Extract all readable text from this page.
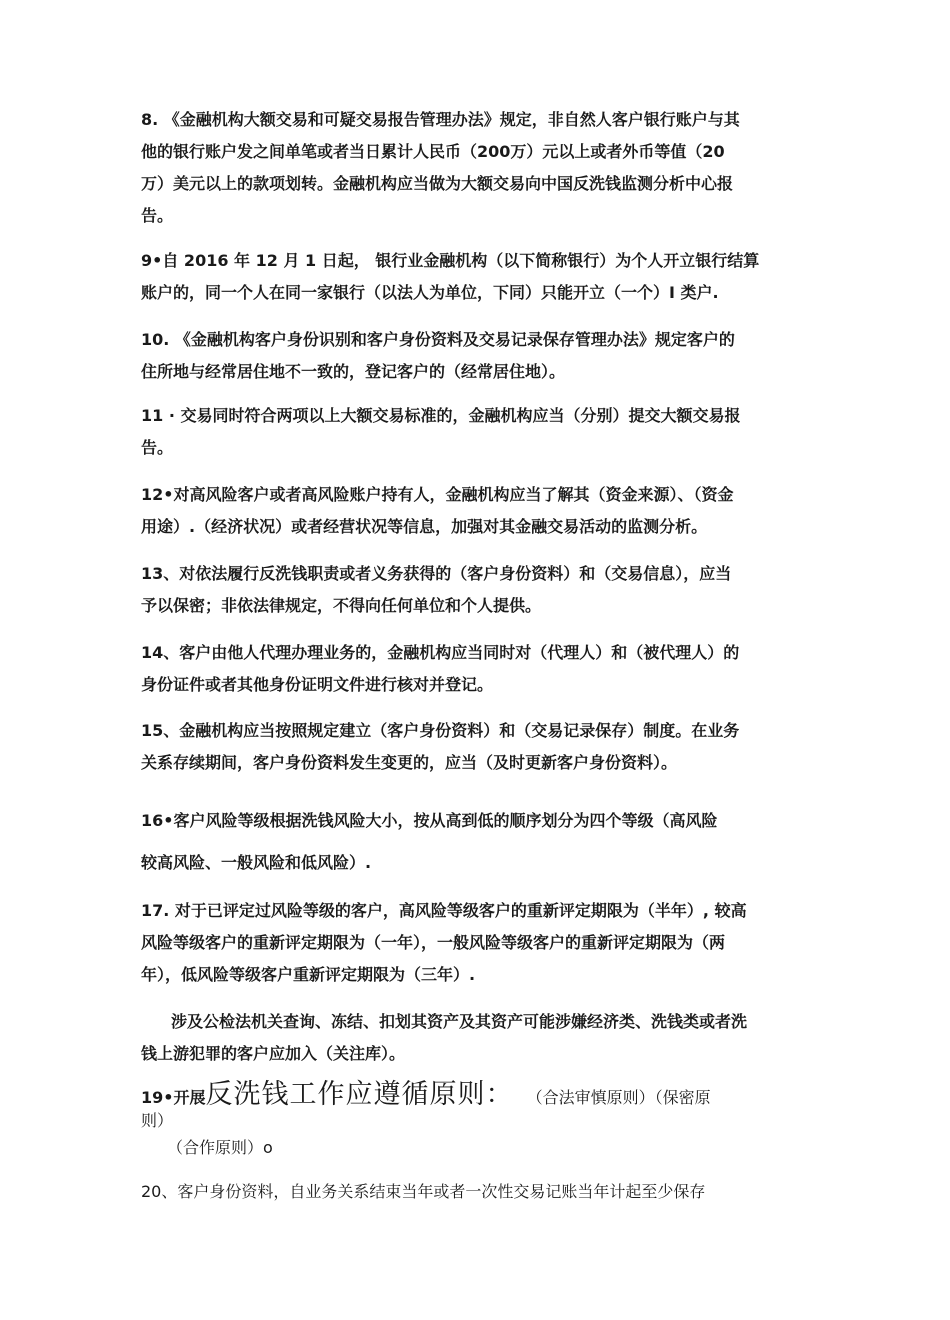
8. 《金融机构大额交易和可疑交易报告管理办法》规定，非自然人客户银行账户与其
他的银行账户发之间单笔或者当日累计人民币（200万）元以上或者外币等值（20
万）美元以上的款项划转。金融机构应当做为大额交易向中国反洗钱监测分析中心报
告。
9•自 2016 年 12 月 1 日起， 银行业金融机构（以下简称银行）为个人开立银行结算
账户的，同一个人在同一家银行（以法人为单位，下同）只能开立（一个）I 类户.
10. 《金融机构客户身份识别和客户身份资料及交易记录保存管理办法》规定客户的
住所地与经常居住地不一致的，登记客户的（经常居住地）。
11 · 交易同时符合两项以上大额交易标准的，金融机构应当（分别）提交大额交易报
告。
12•对高风险客户或者高风险账户持有人，金融机构应当了解其（资金来源）、（资金
用途）.（经济状况）或者经营状况等信息，加强对其金融交易活动的监测分析。
13、对依法履行反洗钱职责或者义务获得的（客户身份资料）和（交易信息），应当
予以保密；非依法律规定，不得向任何单位和个人提供。
14、客户由他人代理办理业务的，金融机构应当同时对（代理人）和（被代理人）的
身份证件或者其他身份证明文件进行核对并登记。
15、金融机构应当按照规定建立（客户身份资料）和（交易记录保存）制度。在业务
关系存续期间，客户身份资料发生变更的，应当（及时更新客户身份资料）。
16•客户风险等级根据洗钱风险大小，按从高到低的顺序划分为四个等级（高风险
较高风险、一般风险和低风险）.
17. 对于已评定过风险等级的客户，高风险等级客户的重新评定期限为（半年）, 较高
风险等级客户的重新评定期限为（一年），一般风险等级客户的重新评定期限为（两
年），低风险等级客户重新评定期限为（三年）.
涉及公检法机关查询、冻结、扣划其资产及其资产可能涉嫌经济类、洗钱类或者洗
钱上游犯罪的客户应加入（关注库）。
19•开展反洗钱工作应遵循原则： （合法审慎原则）（保密原
则）
（合作原则）o
20、客户身份资料，自业务关系结束当年或者一次性交易记账当年计起至少保存
